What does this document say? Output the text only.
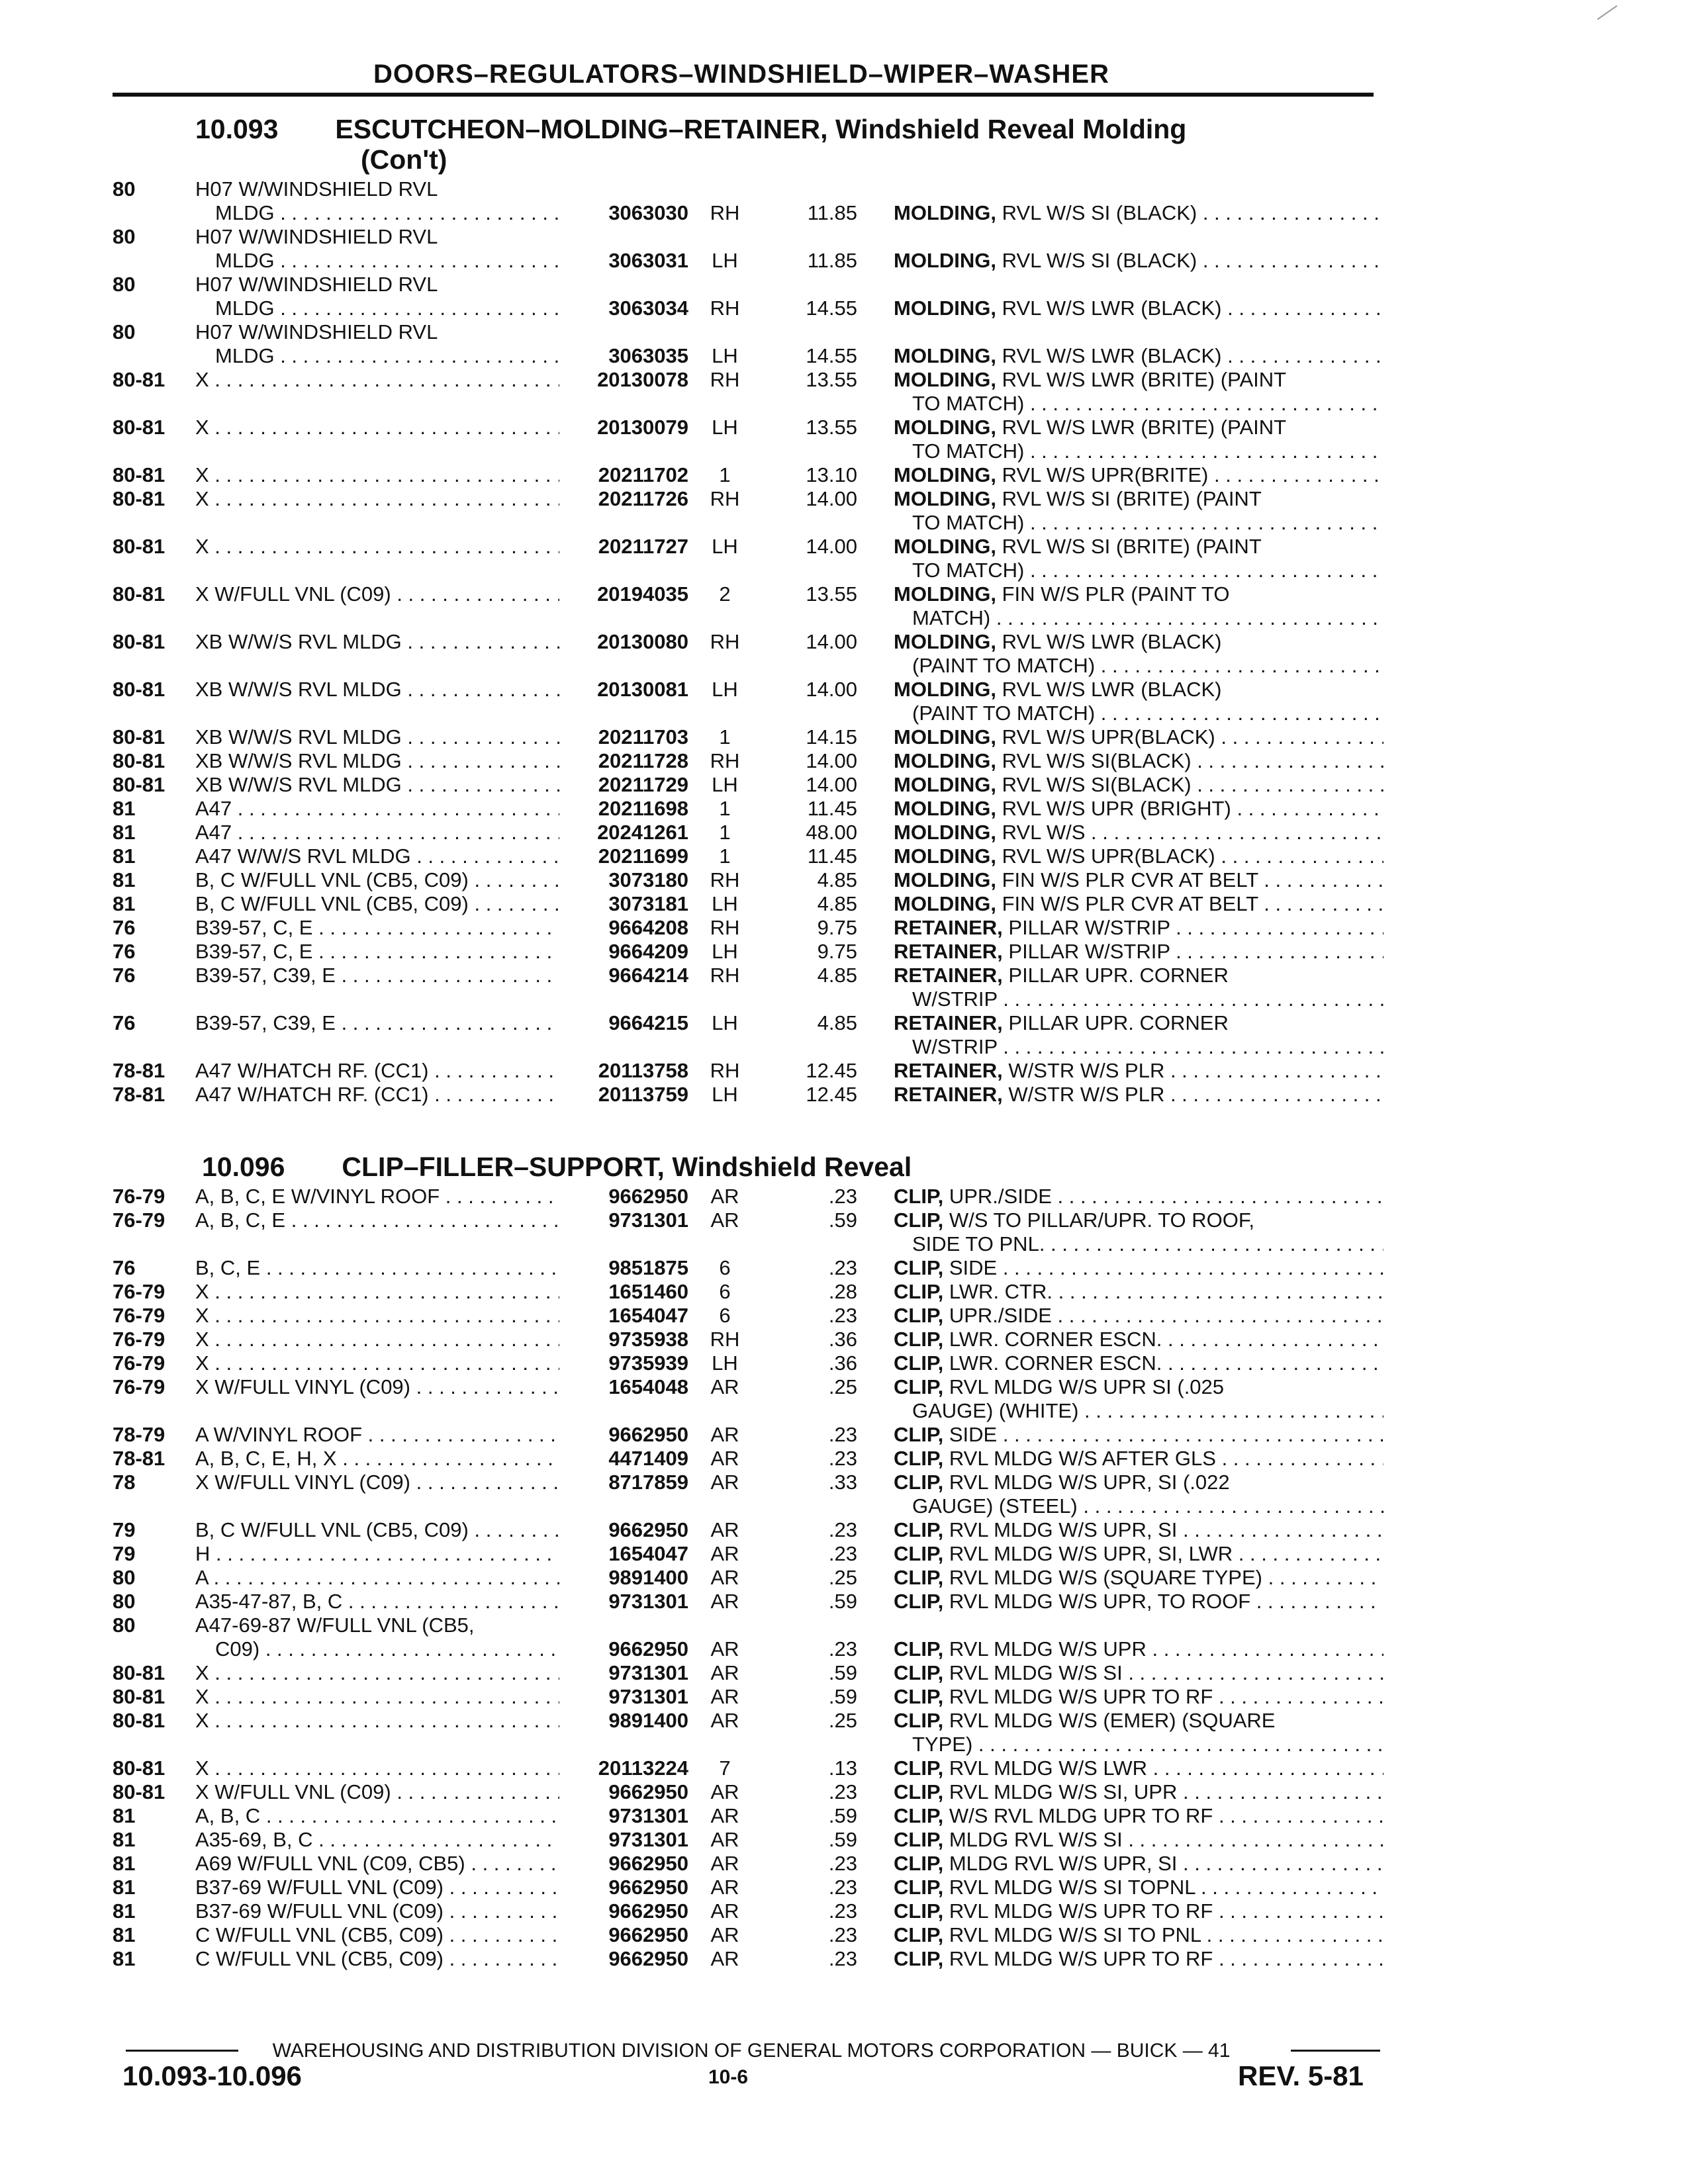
DOORS–REGULATORS–WINDSHIELD–WIPER–WASHER
10.093 ESCUTCHEON–MOLDING–RETAINER, Windshield Reveal Molding
(Con't)
80	H07 W/WINDSHIELD RVL
MLDG . . .	3063030	RH	11.85 MOLDING, RVL W/S SI (BLACK) . . .
80	H07 W/WINDSHIELD RVL
MLDG . . .	3063031	LH	11.85 MOLDING, RVL W/S SI (BLACK) . . .
80	H07 W/WINDSHIELD RVL
MLDG . . .	3063034	RH	14.55 MOLDING, RVL W/S LWR (BLACK) . . .
80	H07 W/WINDSHIELD RVL
MLDG . . .	3063035	LH	14.55 MOLDING, RVL W/S LWR (BLACK) . . .
80-81 X . . .	20130078	RH	13.55 MOLDING, RVL W/S LWR (BRITE) (PAINT
TO MATCH) . . .
80-81 X . . .	20130079	LH	13.55 MOLDING, RVL W/S LWR (BRITE) (PAINT
TO MATCH) . . .
80-81 X . . .	20211702	1	13.10 MOLDING, RVL W/S UPR(BRITE) . . .
80-81 X . . .	20211726	RH	14.00 MOLDING, RVL W/S SI (BRITE) (PAINT
TO MATCH) . . .
80-81 X . . .	20211727	LH	14.00 MOLDING, RVL W/S SI (BRITE) (PAINT
TO MATCH) . . .
80-81 X W/FULL VNL (C09) . . .	20194035	2	13.55 MOLDING, FIN W/S PLR (PAINT TO
MATCH) . . .
80-81 XB W/W/S RVL MLDG . . .	20130080	RH	14.00 MOLDING, RVL W/S LWR (BLACK)
(PAINT TO MATCH) . . .
80-81 XB W/W/S RVL MLDG . . .	20130081	LH	14.00 MOLDING, RVL W/S LWR (BLACK)
(PAINT TO MATCH) . . .
80-81 XB W/W/S RVL MLDG . . .	20211703	1	14.15 MOLDING, RVL W/S UPR(BLACK) . . .
80-81 XB W/W/S RVL MLDG . . .	20211728	RH	14.00 MOLDING, RVL W/S SI(BLACK) . . .
80-81 XB W/W/S RVL MLDG . . .	20211729	LH	14.00 MOLDING, RVL W/S SI(BLACK) . . .
81	A47 . . .	20211698	1	11.45 MOLDING, RVL W/S UPR (BRIGHT) . . .
81	A47 . . .	20241261	1	48.00 MOLDING, RVL W/S . . .
81	A47 W/W/S RVL MLDG . . .	20211699	1	11.45 MOLDING, RVL W/S UPR(BLACK) . . .
81	B, C W/FULL VNL (CB5, C09) . . .	3073180	RH	4.85 MOLDING, FIN W/S PLR CVR AT BELT . . .
81	B, C W/FULL VNL (CB5, C09) . . .	3073181	LH	4.85 MOLDING, FIN W/S PLR CVR AT BELT . . .
76	B39-57, C, E . . .	9664208	RH	9.75 RETAINER, PILLAR W/STRIP . . .
76	B39-57, C, E . . .	9664209	LH	9.75 RETAINER, PILLAR W/STRIP . . .
76	B39-57, C39, E . . .	9664214	RH	4.85 RETAINER, PILLAR UPR. CORNER
W/STRIP . . .
76	B39-57, C39, E . . .	9664215	LH	4.85 RETAINER, PILLAR UPR. CORNER
W/STRIP . . .
78-81 A47 W/HATCH RF. (CC1) . . .	20113758	RH	12.45 RETAINER, W/STR W/S PLR . . .
78-81 A47 W/HATCH RF. (CC1) . . .	20113759	LH	12.45 RETAINER, W/STR W/S PLR . . .
10.096 CLIP–FILLER–SUPPORT, Windshield Reveal
76-79 A, B, C, E W/VINYL ROOF . . .	9662950	AR	.23 CLIP, UPR./SIDE . . .
76-79 A, B, C, E . . .	9731301	AR	.59 CLIP, W/S TO PILLAR/UPR. TO ROOF,
SIDE TO PNL. . . .
76	B, C, E . . .	9851875	6	.23 CLIP, SIDE . . .
76-79 X . . .	1651460	6	.28 CLIP, LWR. CTR. . . .
76-79 X . . .	1654047	6	.23 CLIP, UPR./SIDE . . .
76-79 X . . .	9735938	RH	.36 CLIP, LWR. CORNER ESCN. . . .
76-79 X . . .	9735939	LH	.36 CLIP, LWR. CORNER ESCN. . . .
76-79 X W/FULL VINYL (C09) . . .	1654048	AR	.25 CLIP, RVL MLDG W/S UPR SI (.025
GAUGE) (WHITE) . . .
78-79 A W/VINYL ROOF . . .	9662950	AR	.23 CLIP, SIDE . . .
78-81 A, B, C, E, H, X . . .	4471409	AR	.23 CLIP, RVL MLDG W/S AFTER GLS . . .
78	X W/FULL VINYL (C09) . . .	8717859	AR	.33 CLIP, RVL MLDG W/S UPR, SI (.022
GAUGE) (STEEL) . . .
79	B, C W/FULL VNL (CB5, C09) . . .	9662950	AR	.23 CLIP, RVL MLDG W/S UPR, SI . . .
79	H . . .	1654047	AR	.23 CLIP, RVL MLDG W/S UPR, SI, LWR . . .
80	A . . .	9891400	AR	.25 CLIP, RVL MLDG W/S (SQUARE TYPE) . . .
80	A35-47-87, B, C . . .	9731301	AR	.59 CLIP, RVL MLDG W/S UPR, TO ROOF . . .
80	A47-69-87 W/FULL VNL (CB5,
C09) . . .	9662950	AR	.23 CLIP, RVL MLDG W/S UPR . . .
80-81 X . . .	9731301	AR	.59 CLIP, RVL MLDG W/S SI . . .
80-81 X . . .	9731301	AR	.59 CLIP, RVL MLDG W/S UPR TO RF . . .
80-81 X . . .	9891400	AR	.25 CLIP, RVL MLDG W/S (EMER) (SQUARE
TYPE) . . .
80-81 X . . .	20113224	7	.13 CLIP, RVL MLDG W/S LWR . . .
80-81 X W/FULL VNL (C09) . . .	9662950	AR	.23 CLIP, RVL MLDG W/S SI, UPR . . .
81	A, B, C . . .	9731301	AR	.59 CLIP, W/S RVL MLDG UPR TO RF . . .
81	A35-69, B, C . . .	9731301	AR	.59 CLIP, MLDG RVL W/S SI . . .
81	A69 W/FULL VNL (C09, CB5) . . .	9662950	AR	.23 CLIP, MLDG RVL W/S UPR, SI . . .
81	B37-69 W/FULL VNL (C09) . . .	9662950	AR	.23 CLIP, RVL MLDG W/S SI TOPNL . . .
81	B37-69 W/FULL VNL (C09) . . .	9662950	AR	.23 CLIP, RVL MLDG W/S UPR TO RF . . .
81	C W/FULL VNL (CB5, C09) . . .	9662950	AR	.23 CLIP, RVL MLDG W/S SI TO PNL . . .
81	C W/FULL VNL (CB5, C09) . . .	9662950	AR	.23 CLIP, RVL MLDG W/S UPR TO RF . . .
WAREHOUSING AND DISTRIBUTION DIVISION OF GENERAL MOTORS CORPORATION — BUICK — 41
10.093-10.096	10-6	REV. 5-81
